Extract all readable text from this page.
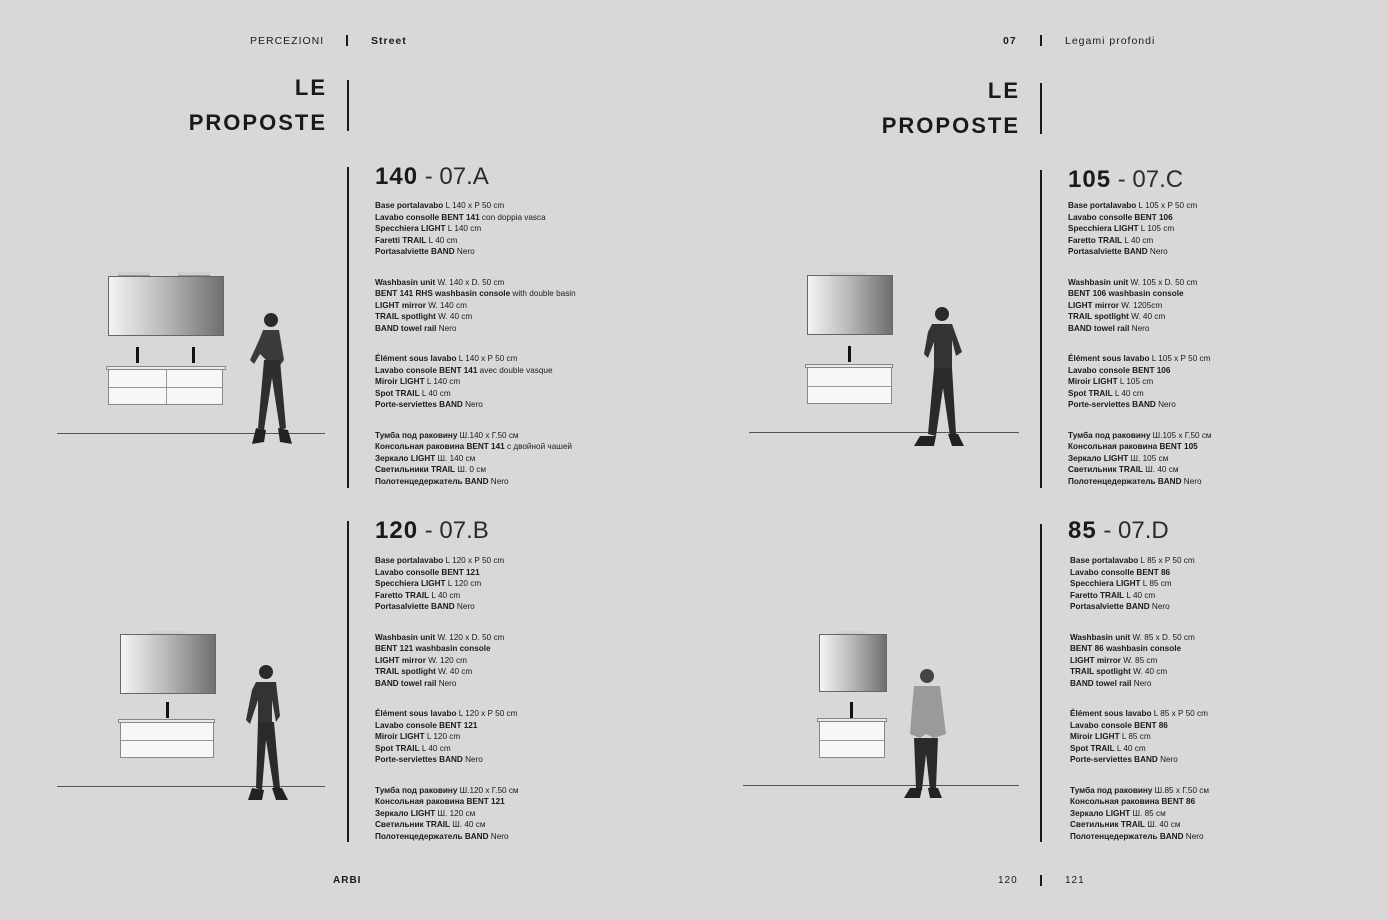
PERCEZIONI	Street	07	Legami profondi
LE
PROPOSTE
LE
PROPOSTE
140 - 07.A
Base portalavabo L 140 x P 50 cm
Lavabo consolle BENT 141 con doppia vasca
Specchiera LIGHT L 140 cm
Faretti TRAIL L 40 cm
Portasalviette BAND Nero
Washbasin unit W. 140 x D. 50 cm
BENT 141 RHS washbasin console with double basin
LIGHT mirror W. 140 cm
TRAIL spotlight W. 40 cm
BAND towel rail Nero
Élément sous lavabo L 140 x P 50 cm
Lavabo console BENT 141 avec double vasque
Miroir LIGHT L 140 cm
Spot TRAIL L 40 cm
Porte-serviettes BAND Nero
Тумба под раковину Ш.140 x Г.50 см
Консольная раковина BENT 141 с двойной чашей
Зеркало LIGHT Ш. 140 см
Светильники TRAIL Ш. 0 см
Полотенцедержатель BAND Nero
120 - 07.B
Base portalavabo L 120 x P 50 cm
Lavabo consolle BENT 121
Specchiera LIGHT L 120 cm
Faretto TRAIL L 40 cm
Portasalviette BAND Nero
Washbasin unit W. 120 x D. 50 cm
BENT 121 washbasin console
LIGHT mirror W. 120 cm
TRAIL spotlight W. 40 cm
BAND towel rail Nero
Élément sous lavabo L 120 x P 50 cm
Lavabo console BENT 121
Miroir LIGHT L 120 cm
Spot TRAIL L 40 cm
Porte-serviettes BAND Nero
Тумба под раковину Ш.120 x Г.50 см
Консольная раковина BENT 121
Зеркало LIGHT Ш. 120 см
Светильник TRAIL Ш. 40 см
Полотенцедержатель BAND Nero
105 - 07.C
Base portalavabo L 105 x P 50 cm
Lavabo consolle BENT 106
Specchiera LIGHT L 105 cm
Faretto TRAIL L 40 cm
Portasalviette BAND Nero
Washbasin unit W. 105 x D. 50 cm
BENT 106 washbasin console
LIGHT mirror W. 1205cm
TRAIL spotlight W. 40 cm
BAND towel rail Nero
Élément sous lavabo L 105 x P 50 cm
Lavabo console BENT 106
Miroir LIGHT L 105 cm
Spot TRAIL L 40 cm
Porte-serviettes BAND Nero
Тумба под раковину Ш.105 x Г.50 см
Консольная раковина BENT 105
Зеркало LIGHT Ш. 105 см
Светильник TRAIL Ш. 40 см
Полотенцедержатель BAND Nero
85 - 07.D
Base portalavabo L 85 x P 50 cm
Lavabo consolle BENT 86
Specchiera LIGHT L 85 cm
Faretto TRAIL L 40 cm
Portasalviette BAND Nero
Washbasin unit W. 85 x D. 50 cm
BENT 86 washbasin console
LIGHT mirror W. 85 cm
TRAIL spotlight W. 40 cm
BAND towel rail Nero
Élément sous lavabo L 85 x P 50 cm
Lavabo console BENT 86
Miroir LIGHT L 85 cm
Spot TRAIL L 40 cm
Porte-serviettes BAND Nero
Тумба под раковину Ш.85 x Г.50 см
Консольная раковина BENT 86
Зеркало LIGHT Ш. 85 см
Светильник TRAIL Ш. 40 см
Полотенцедержатель BAND Nero
ARBI	120	121
